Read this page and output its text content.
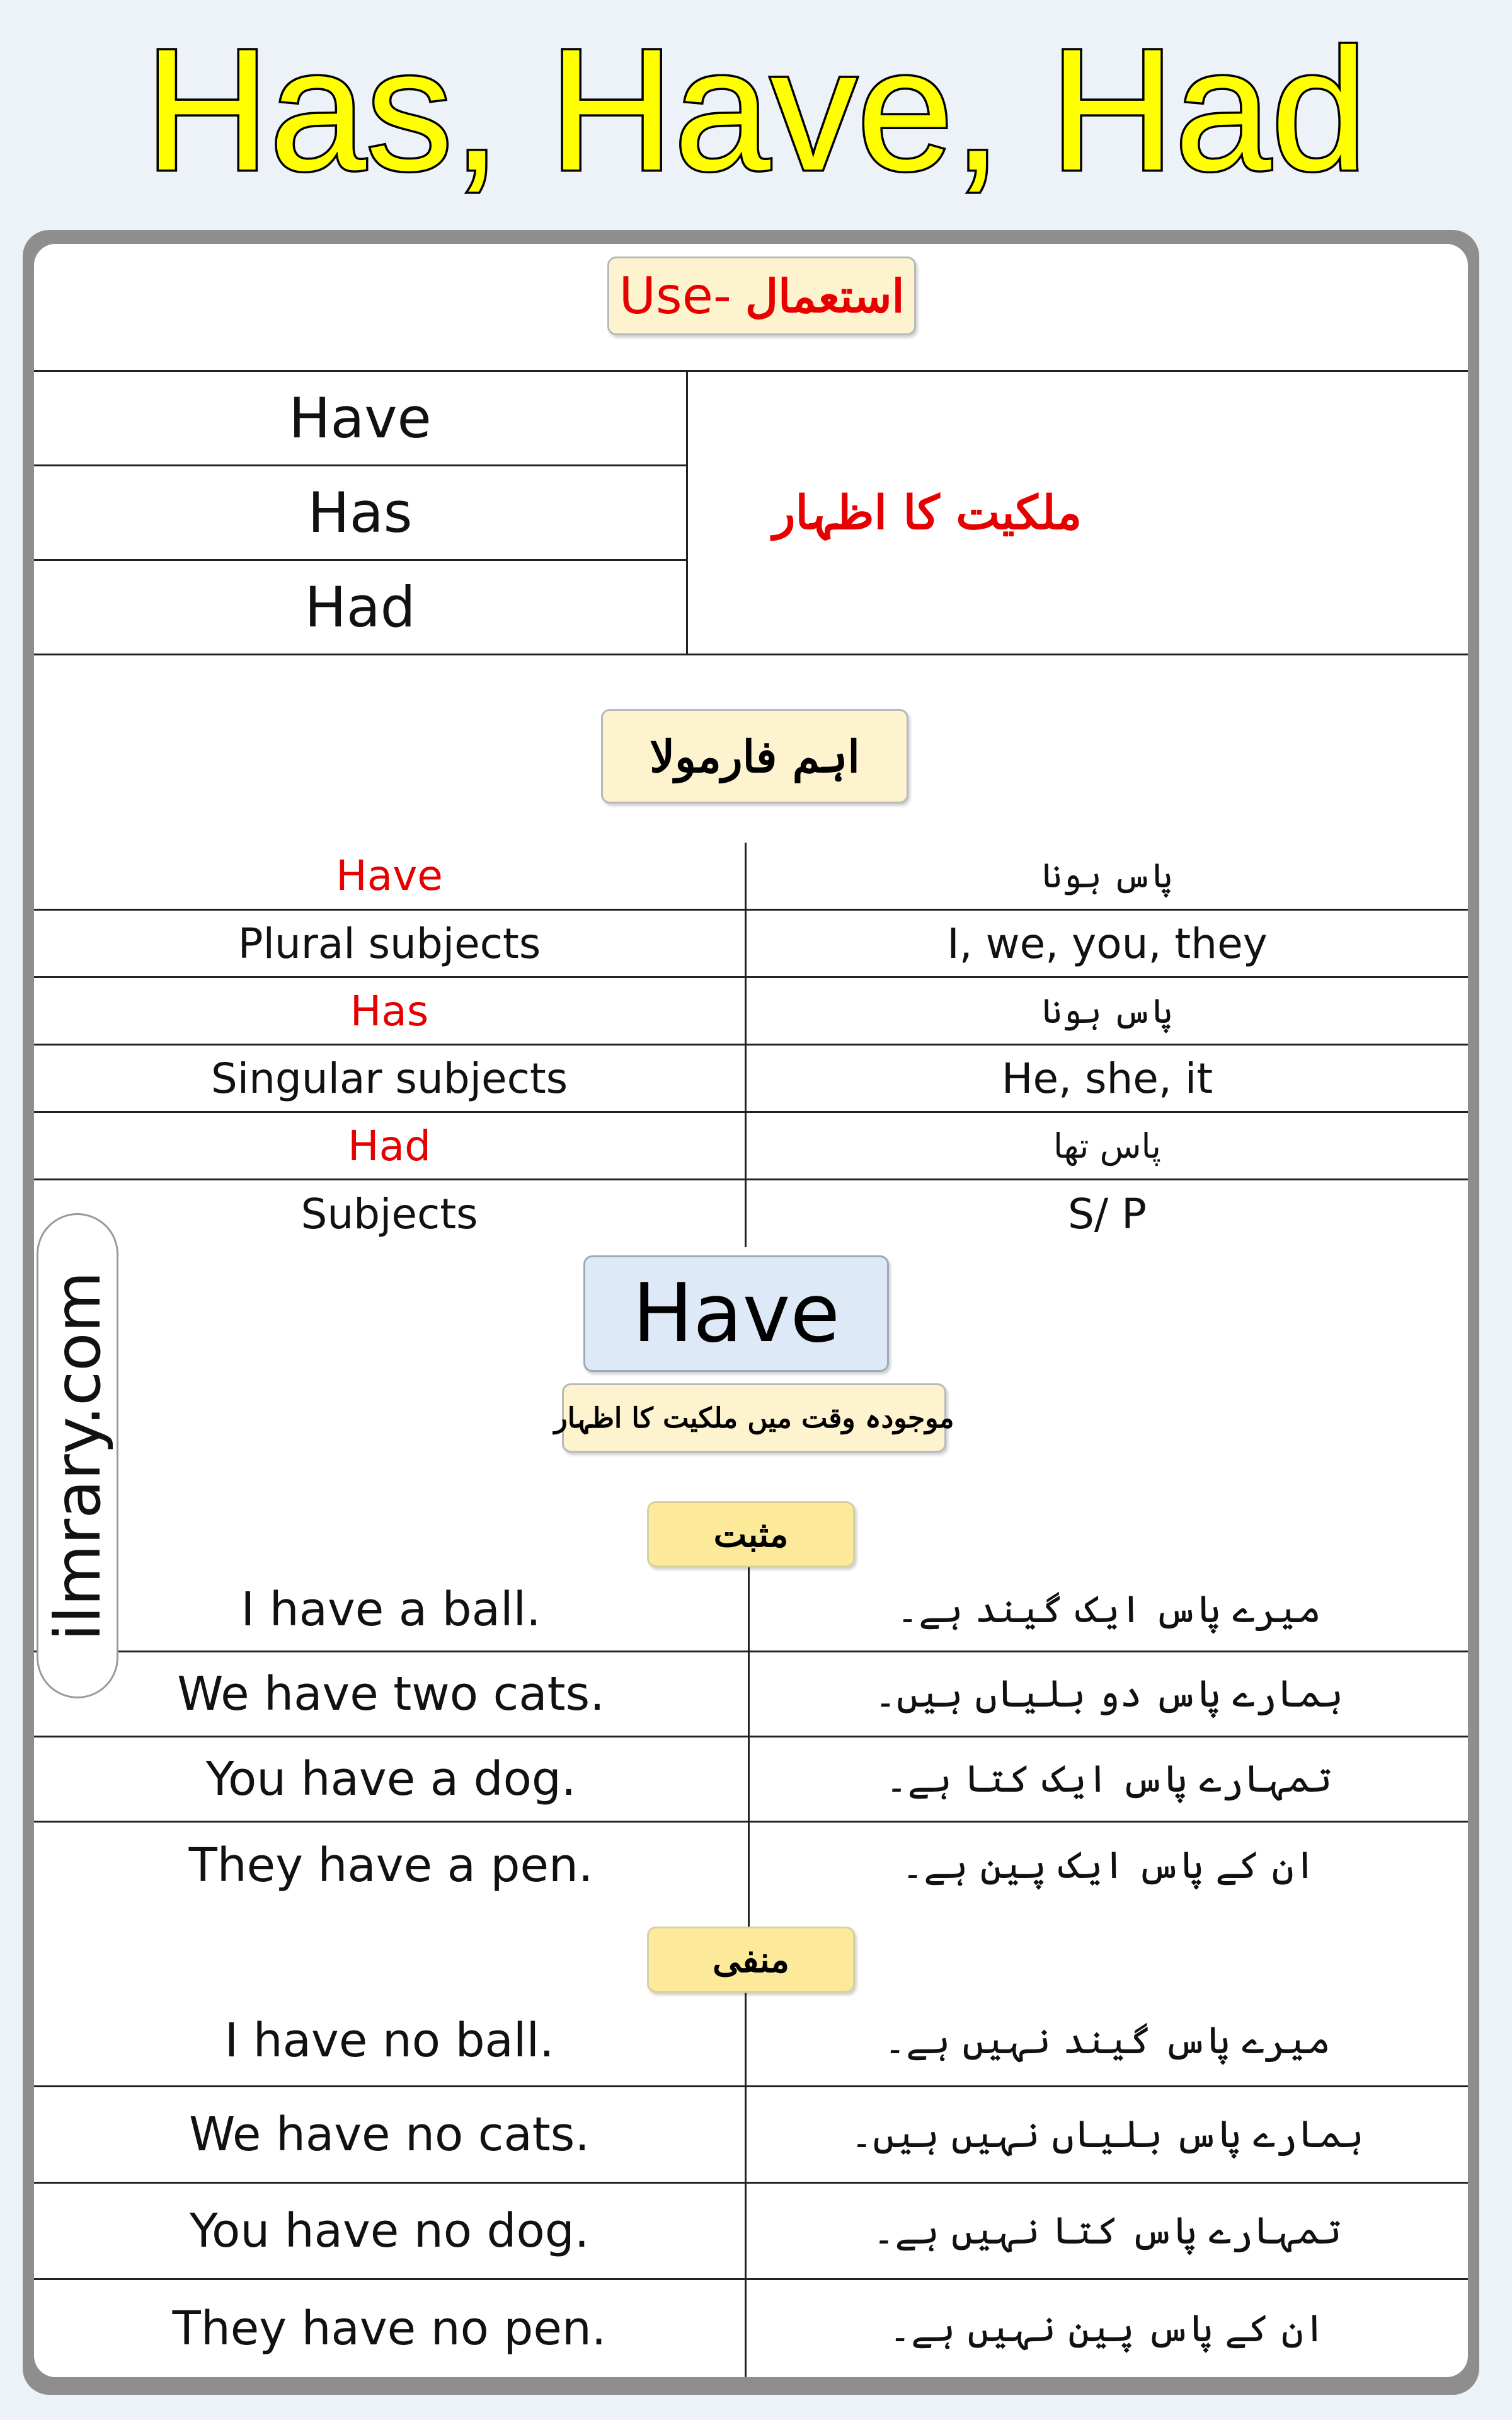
Has, Have, Had
Use- استعمال
Have
Has
Had
ملکیت کا اظہار
اہم فارمولا
Have	پاس ہونا
Plural subjects	I, we, you, they
Has	پاس ہونا
Singular subjects	He, she, it
Had	پاس تھا
Subjects	S/ P
Have
موجودہ وقت میں ملکیت کا اظہار
مثبت
I have a ball.	میرے پاس ایک گیند ہے۔
We have two cats.	ہمارے پاس دو بلیاں ہیں۔
You have a dog.	تمہارے پاس ایک کتا ہے۔
They have a pen.	ان کے پاس ایک پین ہے۔
منفی
I have no ball.	میرے پاس گیند نہیں ہے۔
We have no cats.	ہمارے پاس بلیاں نہیں ہیں۔
You have no dog.	تمہارے پاس کتا نہیں ہے۔
They have no pen.	ان کے پاس پین نہیں ہے۔
ilmrary.com
